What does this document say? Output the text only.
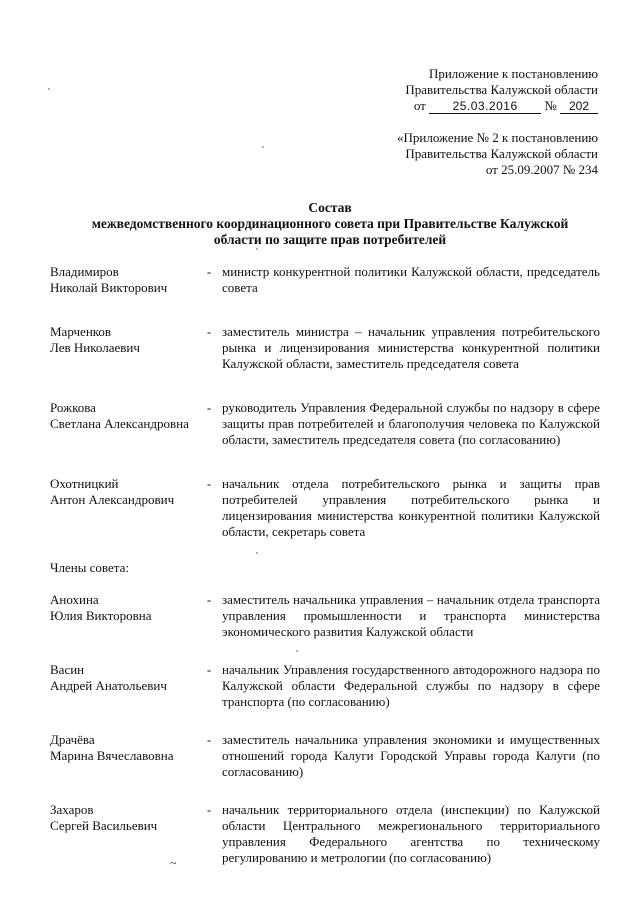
Приложение к постановлению
Правительства Калужской области
от 25.03.2016 № 202
«Приложение № 2 к постановлению
Правительства Калужской области
от 25.09.2007 № 234
Состав
межведомственного координационного совета при Правительстве Калужской
области по защите прав потребителей
Владимиров
Николай Викторович
- министр конкурентной политики Калужской области, председатель совета
Марченков
Лев Николаевич
- заместитель министра – начальник управления потребительского рынка и лицензирования министерства конкурентной политики Калужской области, заместитель председателя совета
Рожкова
Светлана Александровна
- руководитель Управления Федеральной службы по надзору в сфере защиты прав потребителей и благополучия человека по Калужской области, заместитель председателя совета (по согласованию)
Охотницкий
Антон Александрович
- начальник отдела потребительского рынка и защиты прав потребителей управления потребительского рынка и лицензирования министерства конкурентной политики Калужской области, секретарь совета
Члены совета:
Анохина
Юлия Викторовна
- заместитель начальника управления – начальник отдела транспорта управления промышленности и транспорта министерства экономического развития Калужской области
Васин
Андрей Анатольевич
- начальник Управления государственного автодорожного надзора по Калужской области Федеральной службы по надзору в сфере транспорта (по согласованию)
Драчёва
Марина Вячеславовна
- заместитель начальника управления экономики и имущественных отношений города Калуги Городской Управы города Калуги (по согласованию)
Захаров
Сергей Васильевич
- начальник территориального отдела (инспекции) по Калужской области Центрального межрегионального территориального управления Федерального агентства по техническому регулированию и метрологии (по согласованию)
~
